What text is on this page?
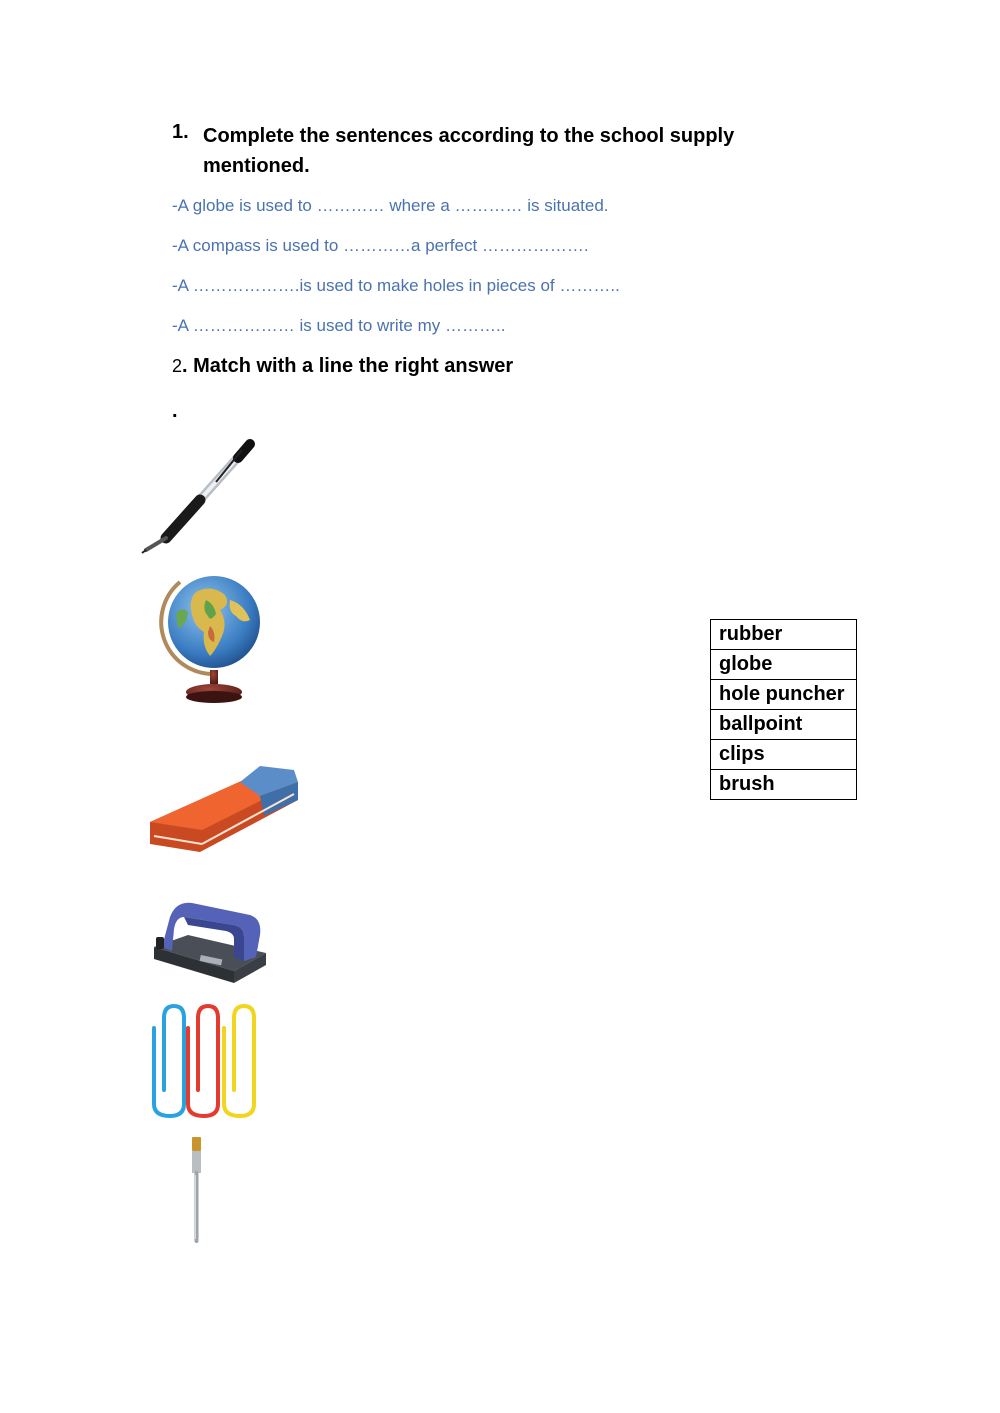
1. Complete the sentences according to the school supply mentioned.
-A globe is used to ………… where a ………… is situated.
-A compass is used to …………a perfect ……………….
-A ……………….is used to make holes in pieces of ………..
-A ……………… is used to write my ………..
2. Match with a line the right answer
.
rubber
globe
hole puncher
ballpoint
clips
brush
